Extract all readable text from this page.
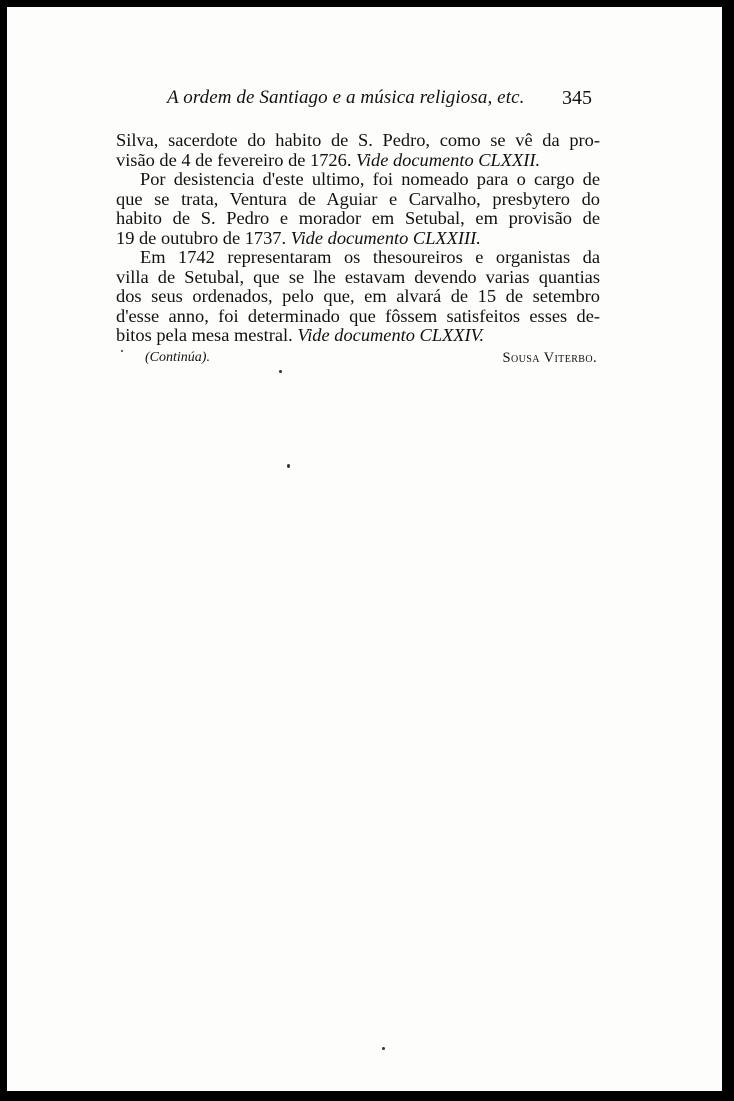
A ordem de Santiago e a música religiosa, etc.	345
Silva, sacerdote do habito de S. Pedro, como se vê da pro-
visão de 4 de fevereiro de 1726. Vide documento CLXXII.
Por desistencia d'este ultimo, foi nomeado para o cargo de
que se trata, Ventura de Aguiar e Carvalho, presbytero do
habito de S. Pedro e morador em Setubal, em provisão de
19 de outubro de 1737. Vide documento CLXXIII.
Em 1742 representaram os thesoureiros e organistas da
villa de Setubal, que se lhe estavam devendo varias quantias
dos seus ordenados, pelo que, em alvará de 15 de setembro
d'esse anno, foi determinado que fôssem satisfeitos esses de-
bitos pela mesa mestral. Vide documento CLXXIV.
(Continúa).	Sousa Viterbo.
